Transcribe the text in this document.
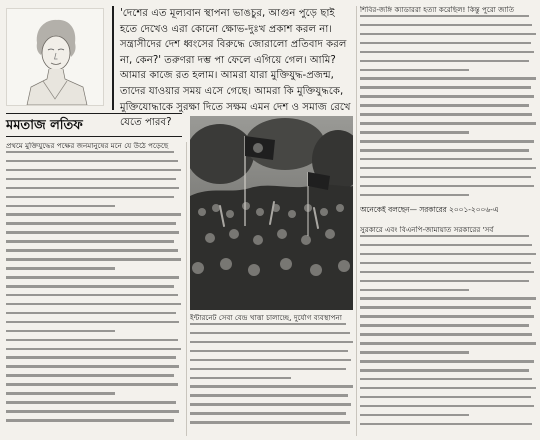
'দেশের এত মূল্যবান স্থাপনা ভাঙচুর, আগুন পুড়ে ছাই হতে দেখেও এরা কোনো ক্ষোভ-দুঃখ প্রকাশ করল না। সন্ত্রাসীদের দেশ ধ্বংসের বিরুদ্ধে জোরালো প্রতিবাদ করল না, কেন?' তরুণরা দম্ভ পা ফেলে এগিয়ে গেল। আমি? আমার কাজে রত হলাম। আমরা যারা মুক্তিযুদ্ধ-প্রজন্ম, তাদের যাওয়ার সময় এসে গেছে। আমরা কি মুক্তিযুদ্ধকে, মুক্তিযোদ্ধাকে সুরক্ষা দিতে সক্ষম এমন দেশ ও সমাজ রেখে যেতে পারব?

মমতাজ লতিফ

প্রথমে মুক্তিযুদ্ধের পক্ষের জনমানুষের মনে যে উঠে পড়েছে

ইন্টারনেট সেবা বেন্দ্র খাত্তা চালাচ্ছে, দুর্যোগ ব্যবস্থাপনা

শিবির-জঙ্গি ক্যাডাররা হত্যা করেছিল! কিন্তু পুরো জাতি

অনেকেই বলছেন— সরকারের ২০০১-২০০৬-এ

সুরকারে এবং বিএনপি-জামায়াত সরকারের 'সর্ব
